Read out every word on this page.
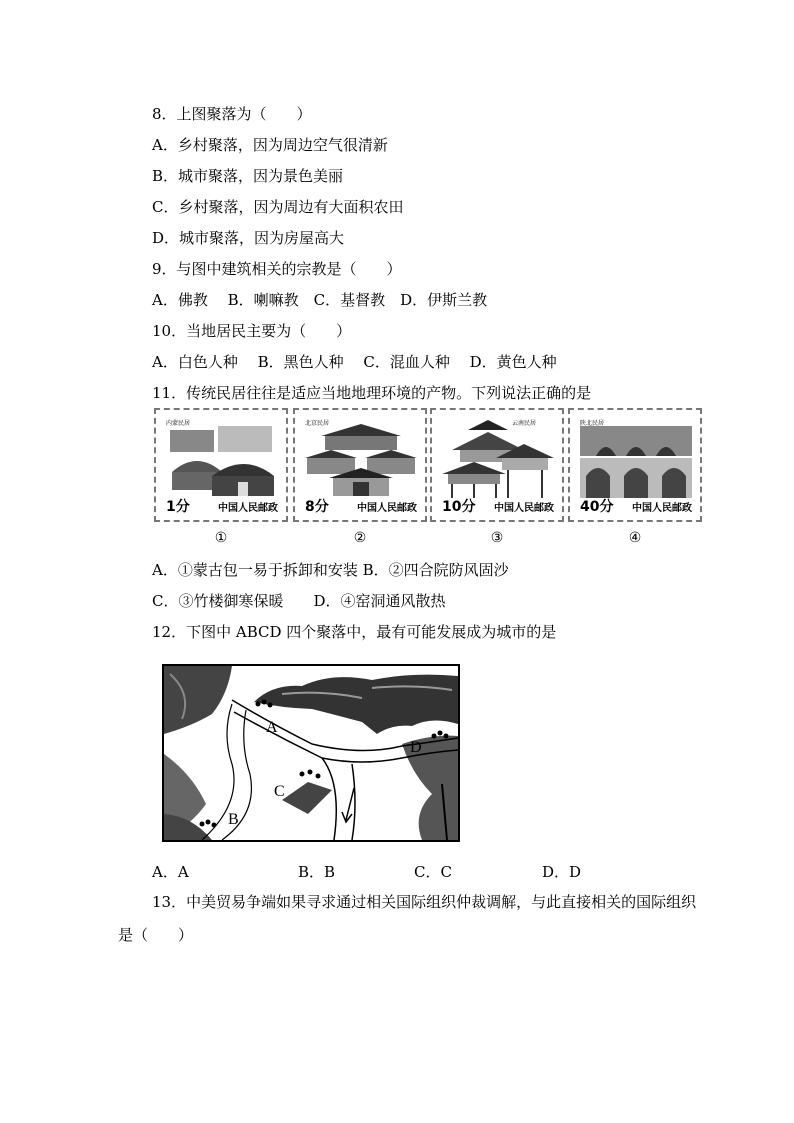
8．上图聚落为（　　）
A．乡村聚落，因为周边空气很清新
B．城市聚落，因为景色美丽
C．乡村聚落，因为周边有大面积农田
D．城市聚落，因为房屋高大
9．与图中建筑相关的宗教是（　　）
A．佛教　 B．喇嘛教　C．基督教　D．伊斯兰教
10．当地居民主要为（　　）
A．白色人种　 B．黑色人种　 C．混血人种　 D．黄色人种
11．传统民居往往是适应当地地理环境的产物。下列说法正确的是
内蒙民居
1分	中国人民邮政
北京民居
8分	中国人民邮政
云南民居
10分 中国人民邮政
陕北民居
40分 中国人民邮政
①	②	③	④
A．①蒙古包一易于拆卸和安装 B．②四合院防风固沙
C．③竹楼御寒保暖　　D．④窑洞通风散热
12．下图中 ABCD 四个聚落中，最有可能发展成为城市的是
A
B
C
D
A．A	B．B	C．C	D．D
13．中美贸易争端如果寻求通过相关国际组织仲裁调解，与此直接相关的国际组织是（　　）
